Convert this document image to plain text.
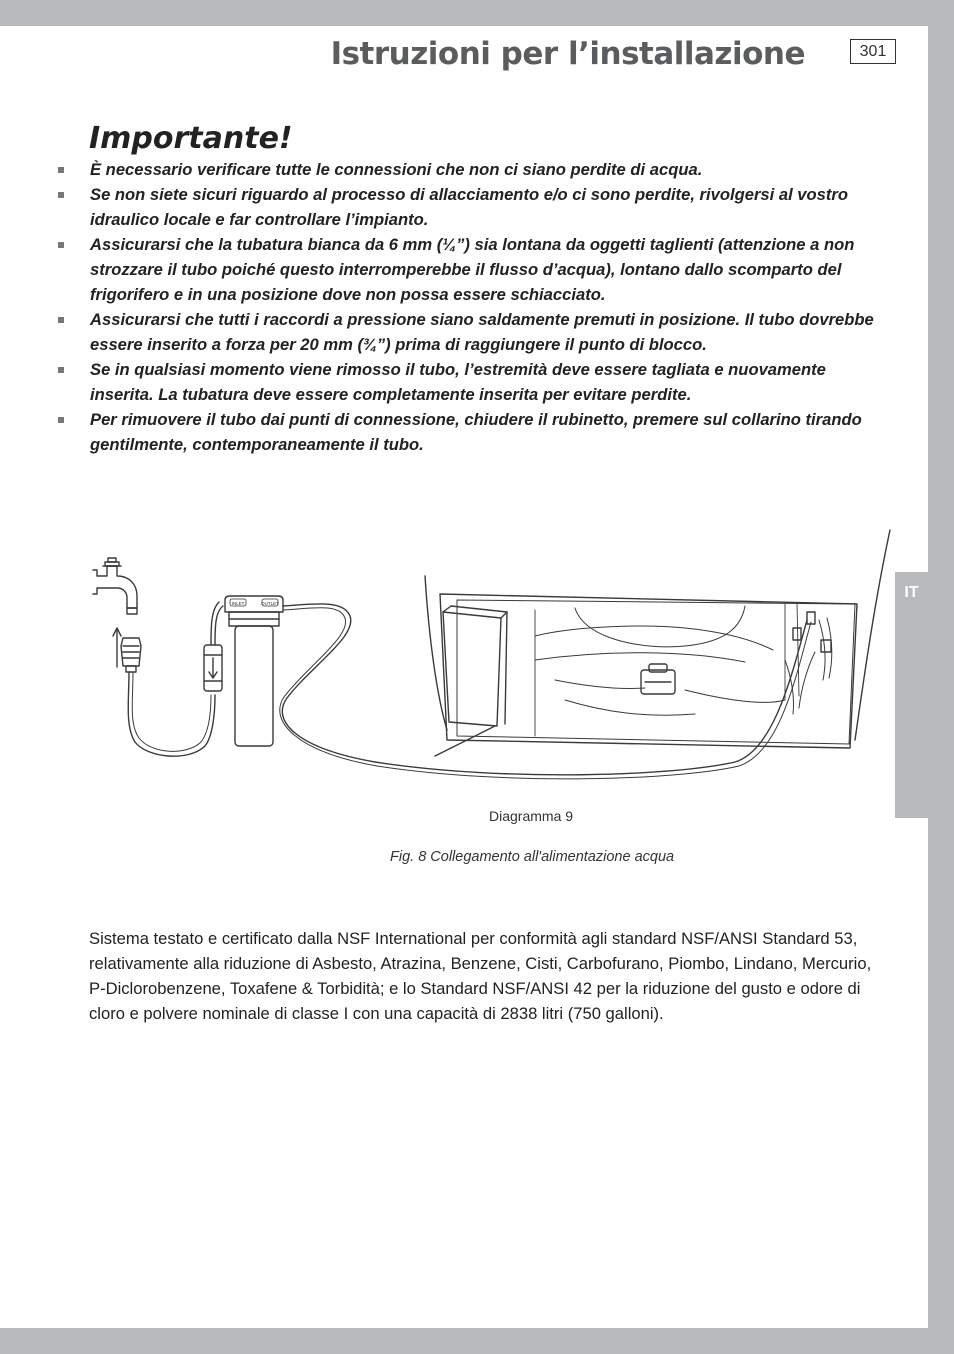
Istruzioni per l’installazione	301
Importante!
È necessario verificare tutte le connessioni che non ci siano perdite di acqua.
Se non siete sicuri riguardo al processo di allacciamento e/o ci sono perdite, rivolgersi al vostro idraulico locale e far controllare l’impianto.
Assicurarsi che la tubatura bianca da 6 mm (¼”) sia lontana da oggetti taglienti (attenzione a non strozzare il tubo poiché questo interromperebbe il flusso d’acqua), lontano dallo scomparto del frigorifero e in una posizione dove non possa essere schiacciato.
Assicurarsi che tutti i raccordi a pressione siano saldamente premuti in posizione. Il tubo dovrebbe essere inserito a forza per 20 mm (¾”) prima di raggiungere il punto di blocco.
Se in qualsiasi momento viene rimosso il tubo, l’estremità deve essere tagliata e nuovamente inserita. La tubatura deve essere completamente inserita per evitare perdite.
Per rimuovere il tubo dai punti di connessione, chiudere il rubinetto, premere sul collarino tirando gentilmente, contemporaneamente il tubo.
INLET	OUTLET
Diagramma 9
Fig. 8 Collegamento all'alimentazione acqua

Sistema testato e certificato dalla NSF International per conformità agli standard NSF/ANSI Standard 53, relativamente alla riduzione di Asbesto, Atrazina, Benzene, Cisti, Carbofurano, Piombo, Lindano, Mercurio, P-Diclorobenzene, Toxafene & Torbidità; e lo Standard NSF/ANSI 42 per la riduzione del gusto e odore di cloro e polvere nominale di classe I con una capacità di 2838 litri (750 galloni).

IT
